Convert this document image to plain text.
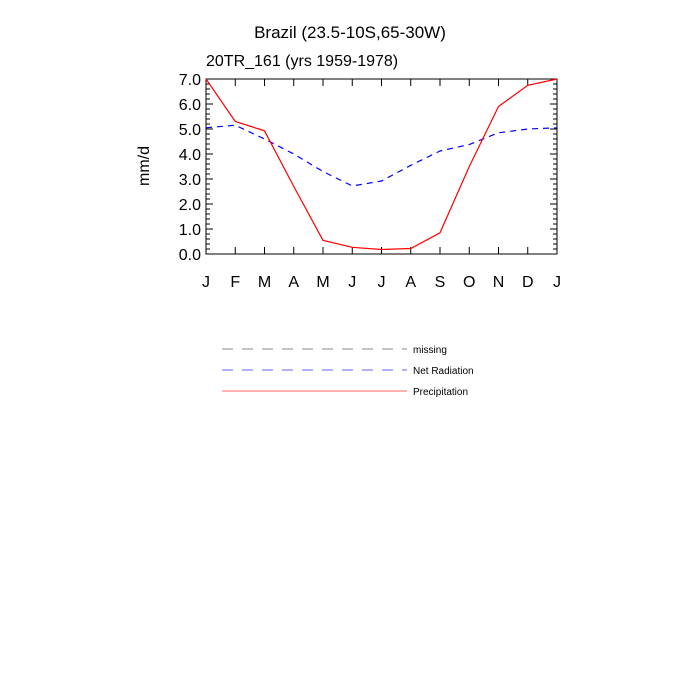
Brazil (23.5-10S,65-30W)
20TR_161 (yrs 1959-1978)
mm/d
0.0
1.0
2.0
3.0
4.0
5.0
6.0
7.0
J F M A M J J A S O N D J
missing
Net Radiation
Precipitation
